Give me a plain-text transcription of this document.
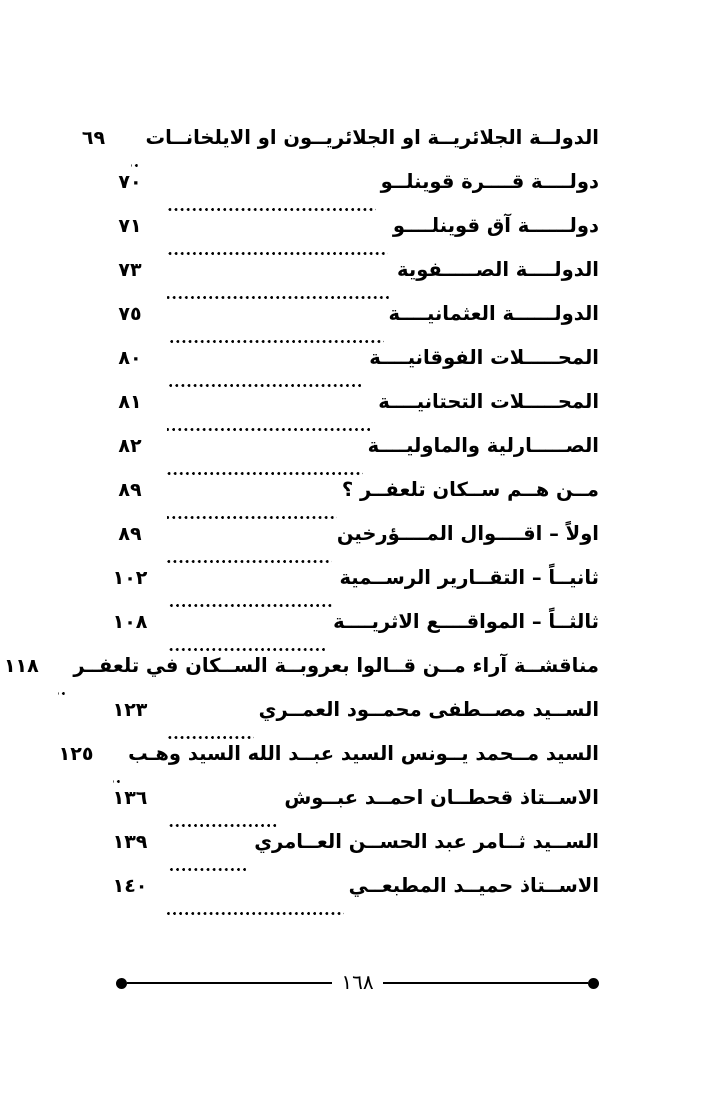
الدولــة الجلائريــة او الجلائريــون او الايلخانــات
٦٩
دولــــة قــــرة قوينلــو
٧٠
دولــــــة آق قوينلــــو
٧١
الدولــــة الصـــــفوية
٧٣
الدولــــــة العثمانيــــة
٧٥
المحـــــلات الفوقانيــــة
٨٠
المحـــــلات التحتانيــــة
٨١
الصـــــارلية والماوليــــة
٨٢
مــن هــم ســكان تلعفــر ؟
٨٩
اولاً – اقــــوال المــــؤرخين
٨٩
ثانيــاً – التقــارير الرســمية
١٠٢
ثالثــاً – المواقــــع الاثريــــة
١٠٨
مناقشــة آراء مــن قــالوا بعروبــة الســكان في تلعفــر
١١٨
الســيد مصــطفى محمــود العمــري
١٢٣
السيد مــحمد يــونس السيد عبــد الله السيد وهـب
١٢٥
الاســتاذ قحطــان احمــد عبــوش
١٣٦
الســيد ثــامر عبد الحســن العــامري
١٣٩
الاســتاذ حميــد المطبعــي
١٤٠
١٦٨
